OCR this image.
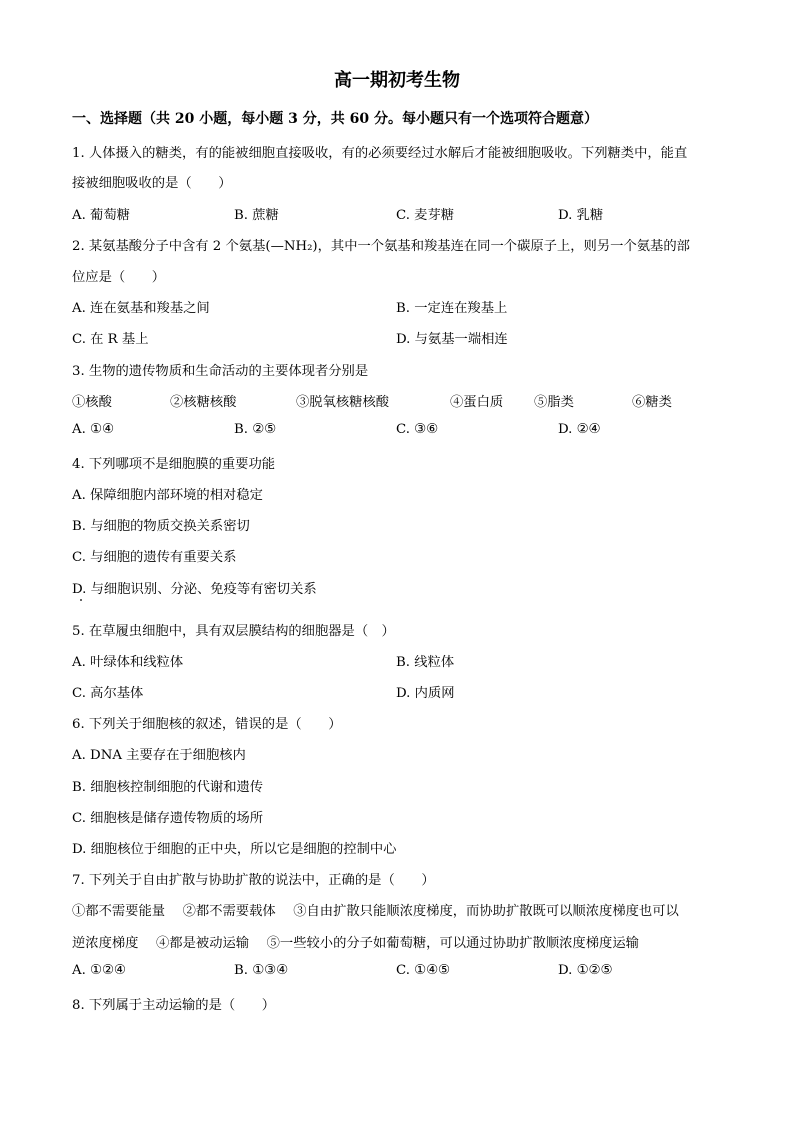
高一期初考生物
一、选择题（共 20 小题，每小题 3 分，共 60 分。每小题只有一个选项符合题意）
1. 人体摄入的糖类，有的能被细胞直接吸收，有的必须要经过水解后才能被细胞吸收。下列糖类中，能直
接被细胞吸收的是（　　）
A. 葡萄糖	B. 蔗糖	C. 麦芽糖	D. 乳糖
2. 某氨基酸分子中含有 2 个氨基(—NH₂)，其中一个氨基和羧基连在同一个碳原子上，则另一个氨基的部
位应是（　　）
A. 连在氨基和羧基之间	B. 一定连在羧基上
C. 在 R 基上	D. 与氨基一端相连
3. 生物的遗传物质和生命活动的主要体现者分别是
①核酸	②核糖核酸	③脱氧核糖核酸	④蛋白质 ⑤脂类	⑥糖类
A. ①④	B. ②⑤	C. ③⑥	D. ②④
4. 下列哪项不是细胞膜的重要功能
A. 保障细胞内部环境的相对稳定
B. 与细胞的物质交换关系密切
C. 与细胞的遗传有重要关系
D. 与细胞识别、分泌、免疫等有密切关系
5. 在草履虫细胞中，具有双层膜结构的细胞器是（　）
A. 叶绿体和线粒体	B. 线粒体
C. 高尔基体	D. 内质网
6. 下列关于细胞核的叙述，错误的是（　　）
A. DNA 主要存在于细胞核内
B. 细胞核控制细胞的代谢和遗传
C. 细胞核是储存遗传物质的场所
D. 细胞核位于细胞的正中央，所以它是细胞的控制中心
7. 下列关于自由扩散与协助扩散的说法中，正确的是（　　）
①都不需要能量　 ②都不需要载体　 ③自由扩散只能顺浓度梯度，而协助扩散既可以顺浓度梯度也可以
逆浓度梯度　 ④都是被动运输　 ⑤一些较小的分子如葡萄糖，可以通过协助扩散顺浓度梯度运输
A. ①②④	B. ①③④	C. ①④⑤	D. ①②⑤
8. 下列属于主动运输的是（　　）
